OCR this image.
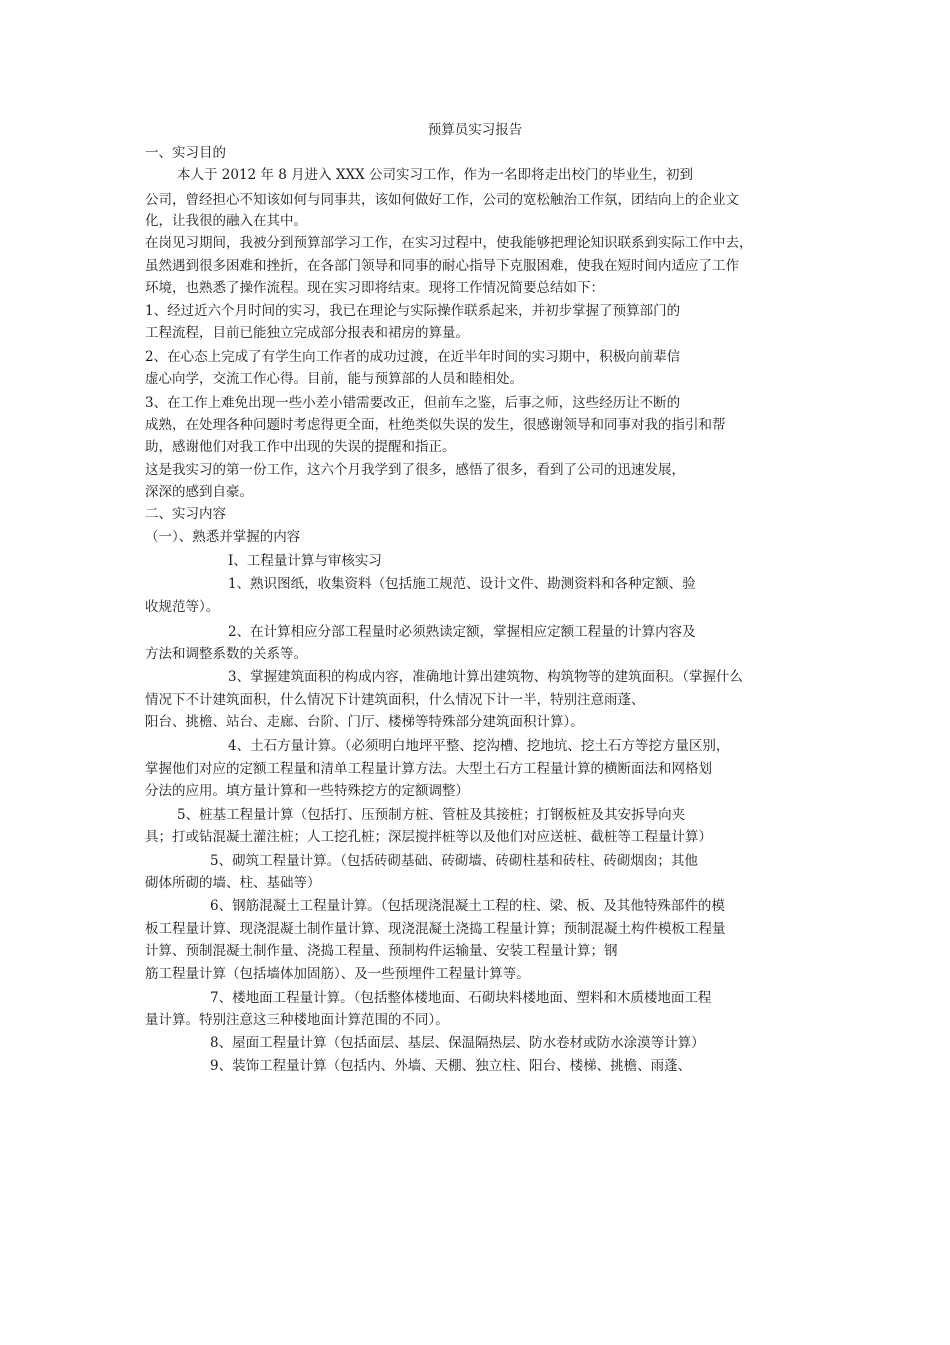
预算员实习报告
一、实习目的
本人于 2012 年 8 月进入 XXX 公司实习工作，作为一名即将走出校门的毕业生，初到
公司，曾经担心不知该如何与同事共，该如何做好工作，公司的宽松触治工作氛，团结向上的企业文
化，让我很的融入在其中。
在岗见习期间，我被分到预算部学习工作，在实习过程中，使我能够把理论知识联系到实际工作中去，
虽然遇到很多困难和挫折，在各部门领导和同事的耐心指导下克服困难，使我在短时间内适应了工作
环境，也熟悉了操作流程。现在实习即将结束。现将工作情况简要总结如下：
1、经过近六个月时间的实习，我已在理论与实际操作联系起来，并初步掌握了预算部门的
工程流程，目前已能独立完成部分报表和裙房的算量。
2、在心态上完成了有学生向工作者的成功过渡，在近半年时间的实习期中，积极向前辈信
虚心向学，交流工作心得。目前，能与预算部的人员和睦相处。
3、在工作上难免出现一些小差小错需要改正，但前车之鉴，后事之师，这些经历让不断的
成熟，在处理各种问题时考虑得更全面，杜绝类似失误的发生，很感谢领导和同事对我的指引和帮
助，感谢他们对我工作中出现的失误的提醒和指正。
这是我实习的第一份工作，这六个月我学到了很多，感悟了很多，看到了公司的迅速发展，
深深的感到自豪。
二、实习内容
（一）、熟悉并掌握的内容
I、工程量计算与审核实习
1、熟识图纸，收集资料（包括施工规范、设计文件、勘测资料和各种定额、验
收规范等）。
2、在计算相应分部工程量时必须熟读定额，掌握相应定额工程量的计算内容及
方法和调整系数的关系等。
3、掌握建筑面积的构成内容，准确地计算出建筑物、构筑物等的建筑面积。（掌握什么
情况下不计建筑面积，什么情况下计建筑面积，什么情况下计一半，特别注意雨蓬、
阳台、挑檐、站台、走廊、台阶、门厅、楼梯等特殊部分建筑面积计算）。
4、土石方量计算。（必须明白地坪平整、挖沟槽、挖地坑、挖土石方等挖方量区别，
掌握他们对应的定额工程量和清单工程量计算方法。大型土石方工程量计算的横断面法和网格划
分法的应用。填方量计算和一些特殊挖方的定额调整）
5、桩基工程量计算（包括打、压预制方桩、管桩及其接桩；打钢板桩及其安拆导向夹
具；打或钻混凝土灌注桩；人工挖孔桩；深层搅拌桩等以及他们对应送桩、截桩等工程量计算）
5、砌筑工程量计算。（包括砖砌基础、砖砌墙、砖砌柱基和砖柱、砖砌烟囱；其他
砌体所砌的墙、柱、基础等）
6、钢筋混凝土工程量计算。（包括现浇混凝土工程的柱、梁、板、及其他特殊部件的模
板工程量计算、现浇混凝土制作量计算、现浇混凝土浇捣工程量计算；预制混凝土构件模板工程量
计算、预制混凝土制作量、浇捣工程量、预制构件运输量、安装工程量计算；钢
筋工程量计算（包括墙体加固筋）、及一些预埋件工程量计算等。
7、楼地面工程量计算。（包括整体楼地面、石砌块料楼地面、塑料和木质楼地面工程
量计算。特别注意这三种楼地面计算范围的不同）。
8、屋面工程量计算（包括面层、基层、保温隔热层、防水卷材或防水涂漠等计算）
9、装饰工程量计算（包括内、外墙、天棚、独立柱、阳台、楼梯、挑檐、雨蓬、
